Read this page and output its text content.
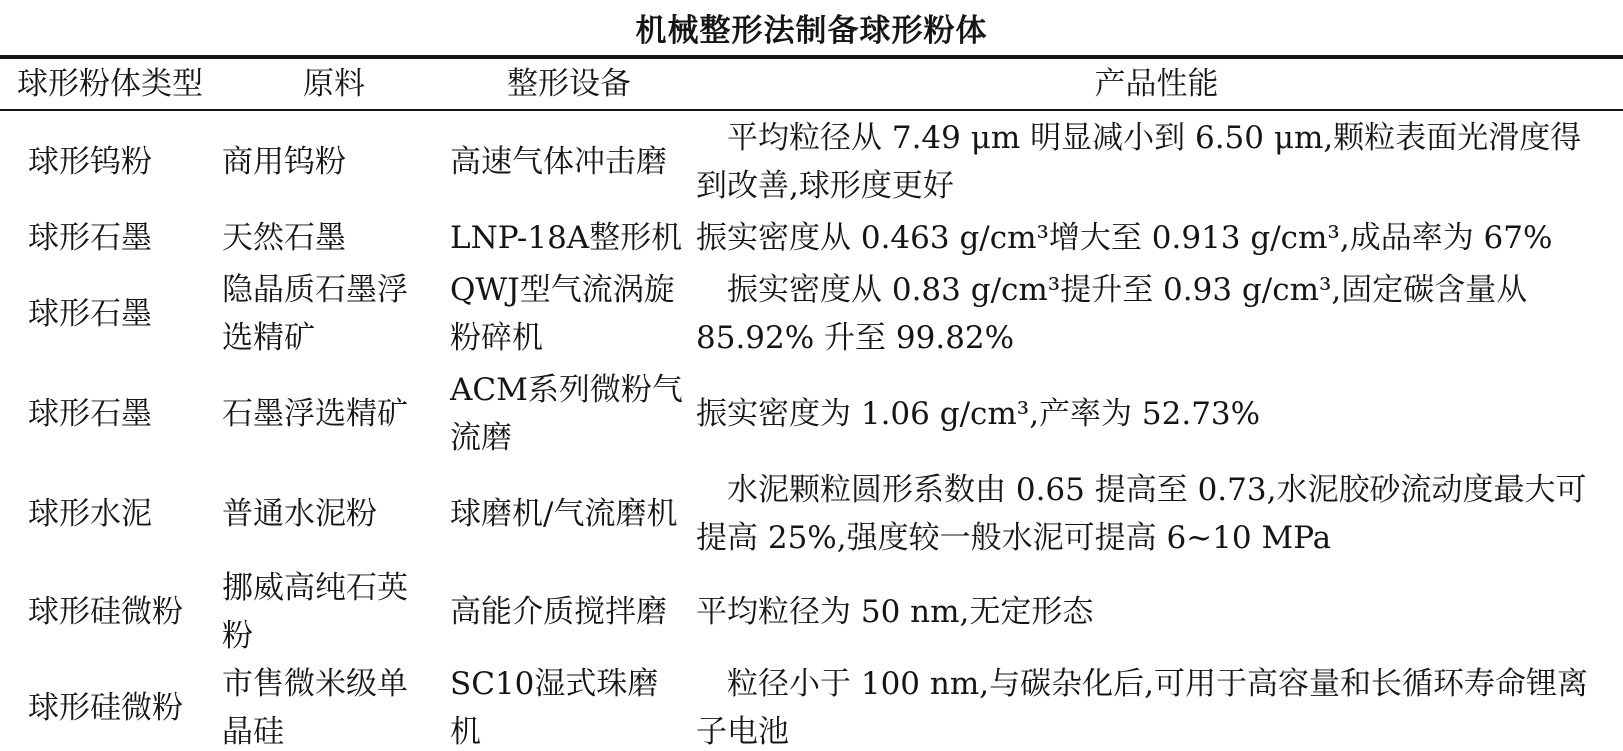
机械整形法制备球形粉体
球形粉体类型	原料	整形设备	产品性能
球形钨粉	商用钨粉	高速气体冲击磨	平均粒径从 7.49 μm 明显减小到 6.50 μm,颗粒表面光滑度得到改善,球形度更好
球形石墨	天然石墨	LNP-18A整形机	振实密度从 0.463 g/cm³增大至 0.913 g/cm³,成品率为 67%
球形石墨	隐晶质石墨浮选精矿	QWJ型气流涡旋粉碎机	振实密度从 0.83 g/cm³提升至 0.93 g/cm³,固定碳含量从 85.92% 升至 99.82%
球形石墨	石墨浮选精矿	ACM系列微粉气流磨	振实密度为 1.06 g/cm³,产率为 52.73%
球形水泥	普通水泥粉	球磨机/气流磨机	水泥颗粒圆形系数由 0.65 提高至 0.73,水泥胶砂流动度最大可提高 25%,强度较一般水泥可提高 6~10 MPa
球形硅微粉	挪威高纯石英粉	高能介质搅拌磨	平均粒径为 50 nm,无定形态
球形硅微粉	市售微米级单晶硅	SC10湿式珠磨机	粒径小于 100 nm,与碳杂化后,可用于高容量和长循环寿命锂离子电池
